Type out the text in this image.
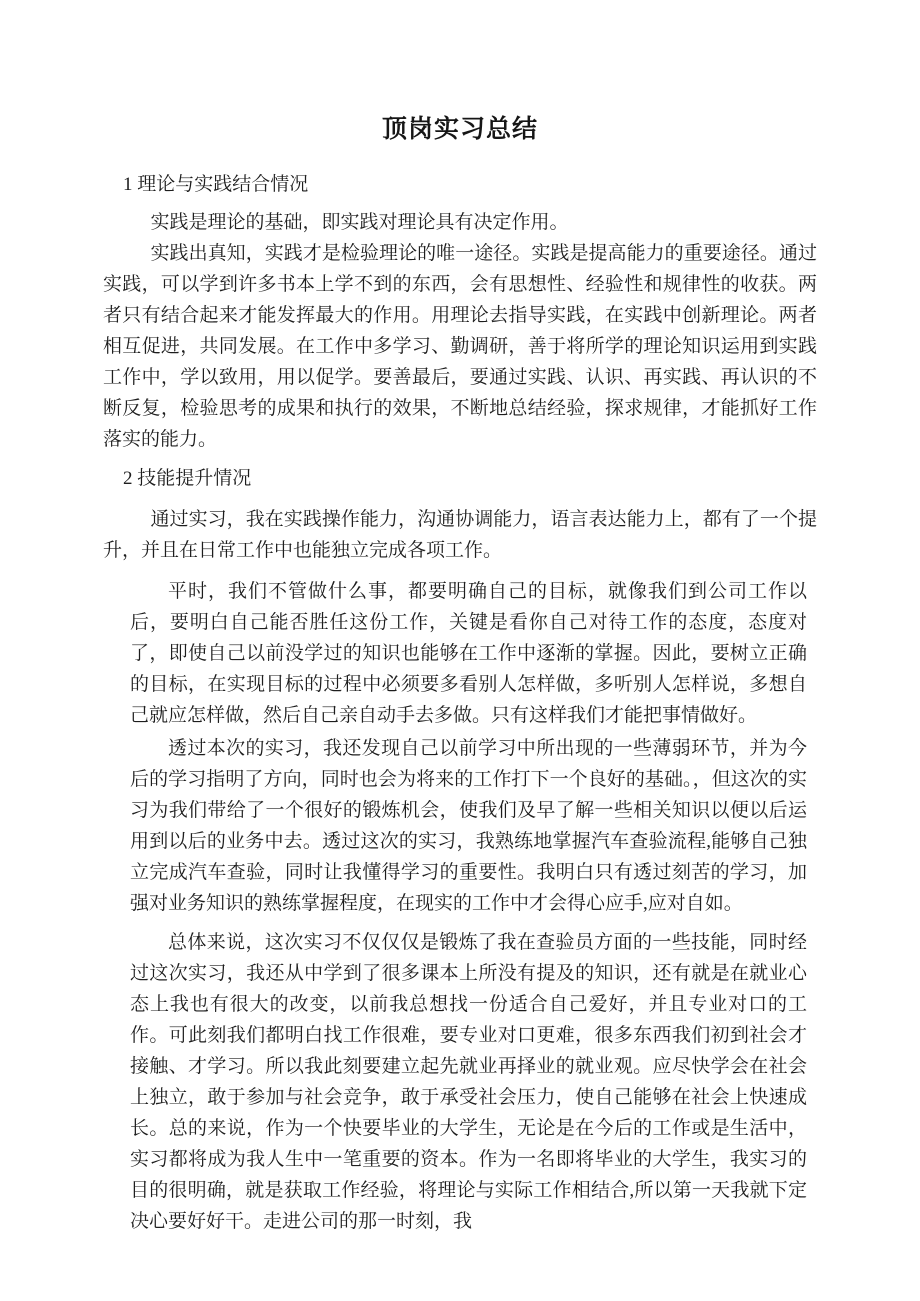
顶岗实习总结
1 理论与实践结合情况

实践是理论的基础，即实践对理论具有决定作用。

实践出真知，实践才是检验理论的唯一途径。实践是提高能力的重要途径。通过实践，可以学到许多书本上学不到的东西，会有思想性、经验性和规律性的收获。两者只有结合起来才能发挥最大的作用。用理论去指导实践，在实践中创新理论。两者相互促进，共同发展。在工作中多学习、勤调研，善于将所学的理论知识运用到实践工作中，学以致用，用以促学。要善最后，要通过实践、认识、再实践、再认识的不断反复，检验思考的成果和执行的效果，不断地总结经验，探求规律，才能抓好工作落实的能力。

2 技能提升情况

通过实习，我在实践操作能力，沟通协调能力，语言表达能力上，都有了一个提升，并且在日常工作中也能独立完成各项工作。

平时，我们不管做什么事，都要明确自己的目标，就像我们到公司工作以后，要明白自己能否胜任这份工作，关键是看你自己对待工作的态度，态度对了，即使自己以前没学过的知识也能够在工作中逐渐的掌握。因此，要树立正确的目标，在实现目标的过程中必须要多看别人怎样做，多听别人怎样说，多想自己就应怎样做，然后自己亲自动手去多做。只有这样我们才能把事情做好。

透过本次的实习，我还发现自己以前学习中所出现的一些薄弱环节，并为今后的学习指明了方向，同时也会为将来的工作打下一个良好的基础。，但这次的实习为我们带给了一个很好的锻炼机会，使我们及早了解一些相关知识以便以后运用到以后的业务中去。透过这次的实习，我熟练地掌握汽车查验流程,能够自己独立完成汽车查验，同时让我懂得学习的重要性。我明白只有透过刻苦的学习，加强对业务知识的熟练掌握程度，在现实的工作中才会得心应手,应对自如。

总体来说，这次实习不仅仅仅是锻炼了我在查验员方面的一些技能，同时经过这次实习，我还从中学到了很多课本上所没有提及的知识，还有就是在就业心态上我也有很大的改变，以前我总想找一份适合自己爱好，并且专业对口的工作。可此刻我们都明白找工作很难，要专业对口更难，很多东西我们初到社会才接触、才学习。所以我此刻要建立起先就业再择业的就业观。应尽快学会在社会上独立，敢于参加与社会竞争，敢于承受社会压力，使自己能够在社会上快速成长。总的来说，作为一个快要毕业的大学生，无论是在今后的工作或是生活中，实习都将成为我人生中一笔重要的资本。作为一名即将毕业的大学生，我实习的目的很明确，就是获取工作经验，将理论与实际工作相结合,所以第一天我就下定决心要好好干。走进公司的那一时刻，我
